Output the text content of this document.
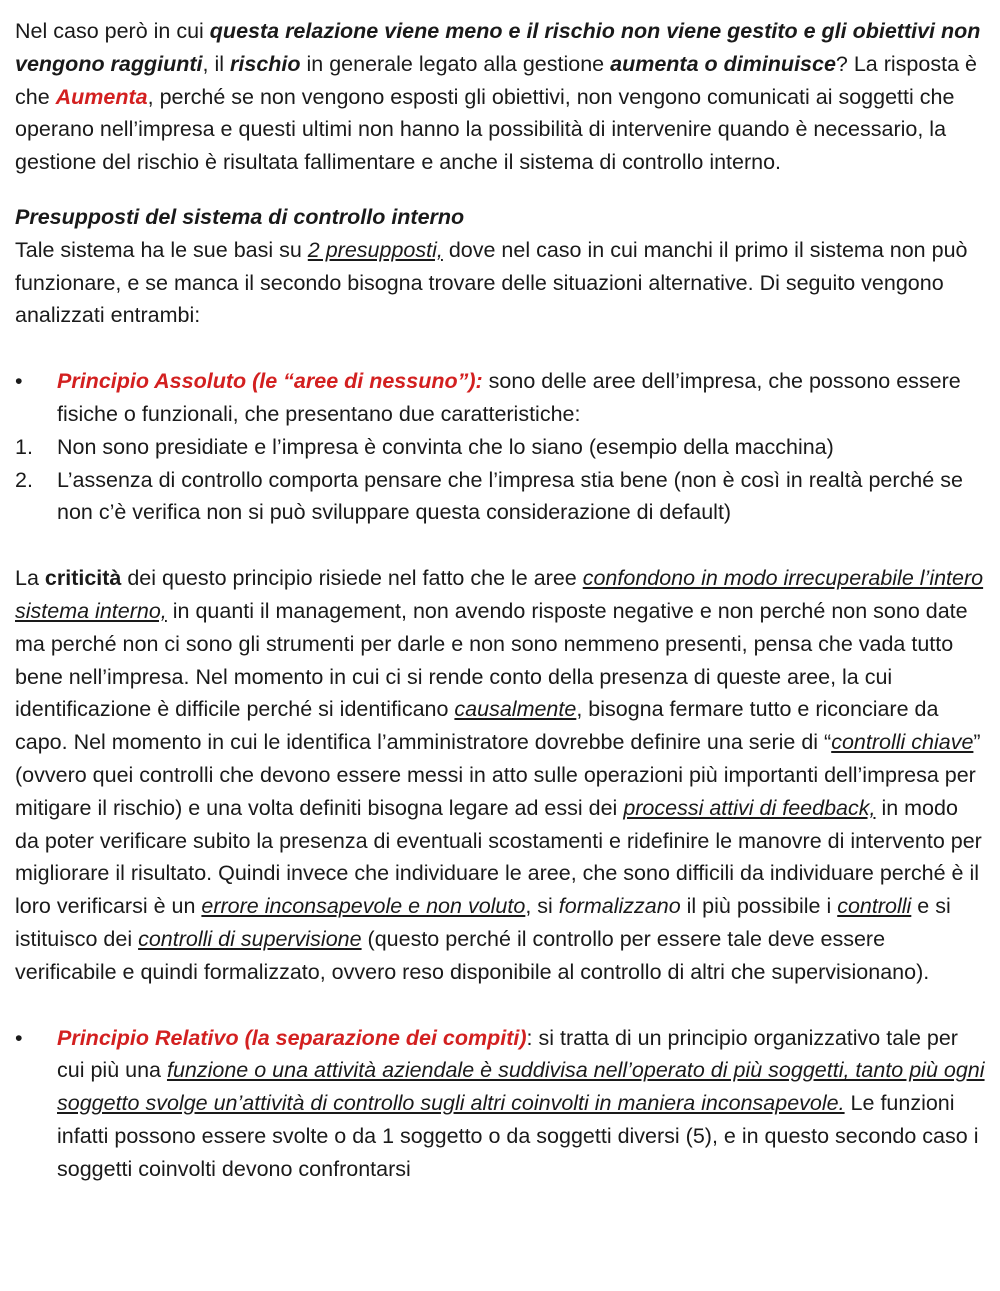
Nel caso però in cui questa relazione viene meno e il rischio non viene gestito e gli obiettivi non vengono raggiunti, il rischio in generale legato alla gestione aumenta o diminuisce? La risposta è che Aumenta, perché se non vengono esposti gli obiettivi, non vengono comunicati ai soggetti che operano nell’impresa e questi ultimi non hanno la possibilità di intervenire quando è necessario, la gestione del rischio è risultata fallimentare e anche il sistema di controllo interno.

Presupposti del sistema di controllo interno

Tale sistema ha le sue basi su 2 presupposti, dove nel caso in cui manchi il primo il sistema non può funzionare, e se manca il secondo bisogna trovare delle situazioni alternative. Di seguito vengono analizzati entrambi:

•	Principio Assoluto (le “aree di nessuno”): sono delle aree dell’impresa, che possono essere fisiche o funzionali, che presentano due caratteristiche:
1.	Non sono presidiate e l’impresa è convinta che lo siano (esempio della macchina)
2.	L’assenza di controllo comporta pensare che l’impresa stia bene (non è così in realtà perché se non c’è verifica non si può sviluppare questa considerazione di default)

La criticità dei questo principio risiede nel fatto che le aree confondono in modo irrecuperabile l’intero sistema interno, in quanti il management, non avendo risposte negative e non perché non sono date ma perché non ci sono gli strumenti per darle e non sono nemmeno presenti, pensa che vada tutto bene nell’impresa. Nel momento in cui ci si rende conto della presenza di queste aree, la cui identificazione è difficile perché si identificano causalmente, bisogna fermare tutto e riconciare da capo. Nel momento in cui le identifica l’amministratore dovrebbe definire una serie di “controlli chiave” (ovvero quei controlli che devono essere messi in atto sulle operazioni più importanti dell’impresa per mitigare il rischio) e una volta definiti bisogna legare ad essi dei processi attivi di feedback, in modo da poter verificare subito la presenza di eventuali scostamenti e ridefinire le manovre di intervento per migliorare il risultato. Quindi invece che individuare le aree, che sono difficili da individuare perché è il loro verificarsi è un errore inconsapevole e non voluto, si formalizzano il più possibile i controlli e si istituisco dei controlli di supervisione (questo perché il controllo per essere tale deve essere verificabile e quindi formalizzato, ovvero reso disponibile al controllo di altri che supervisionano).

•	Principio Relativo (la separazione dei compiti): si tratta di un principio organizzativo tale per cui più una funzione o una attività aziendale è suddivisa nell’operato di più soggetti, tanto più ogni soggetto svolge un’attività di controllo sugli altri coinvolti in maniera inconsapevole. Le funzioni infatti possono essere svolte o da 1 soggetto o da soggetti diversi (5), e in questo secondo caso i soggetti coinvolti devono confrontarsi
